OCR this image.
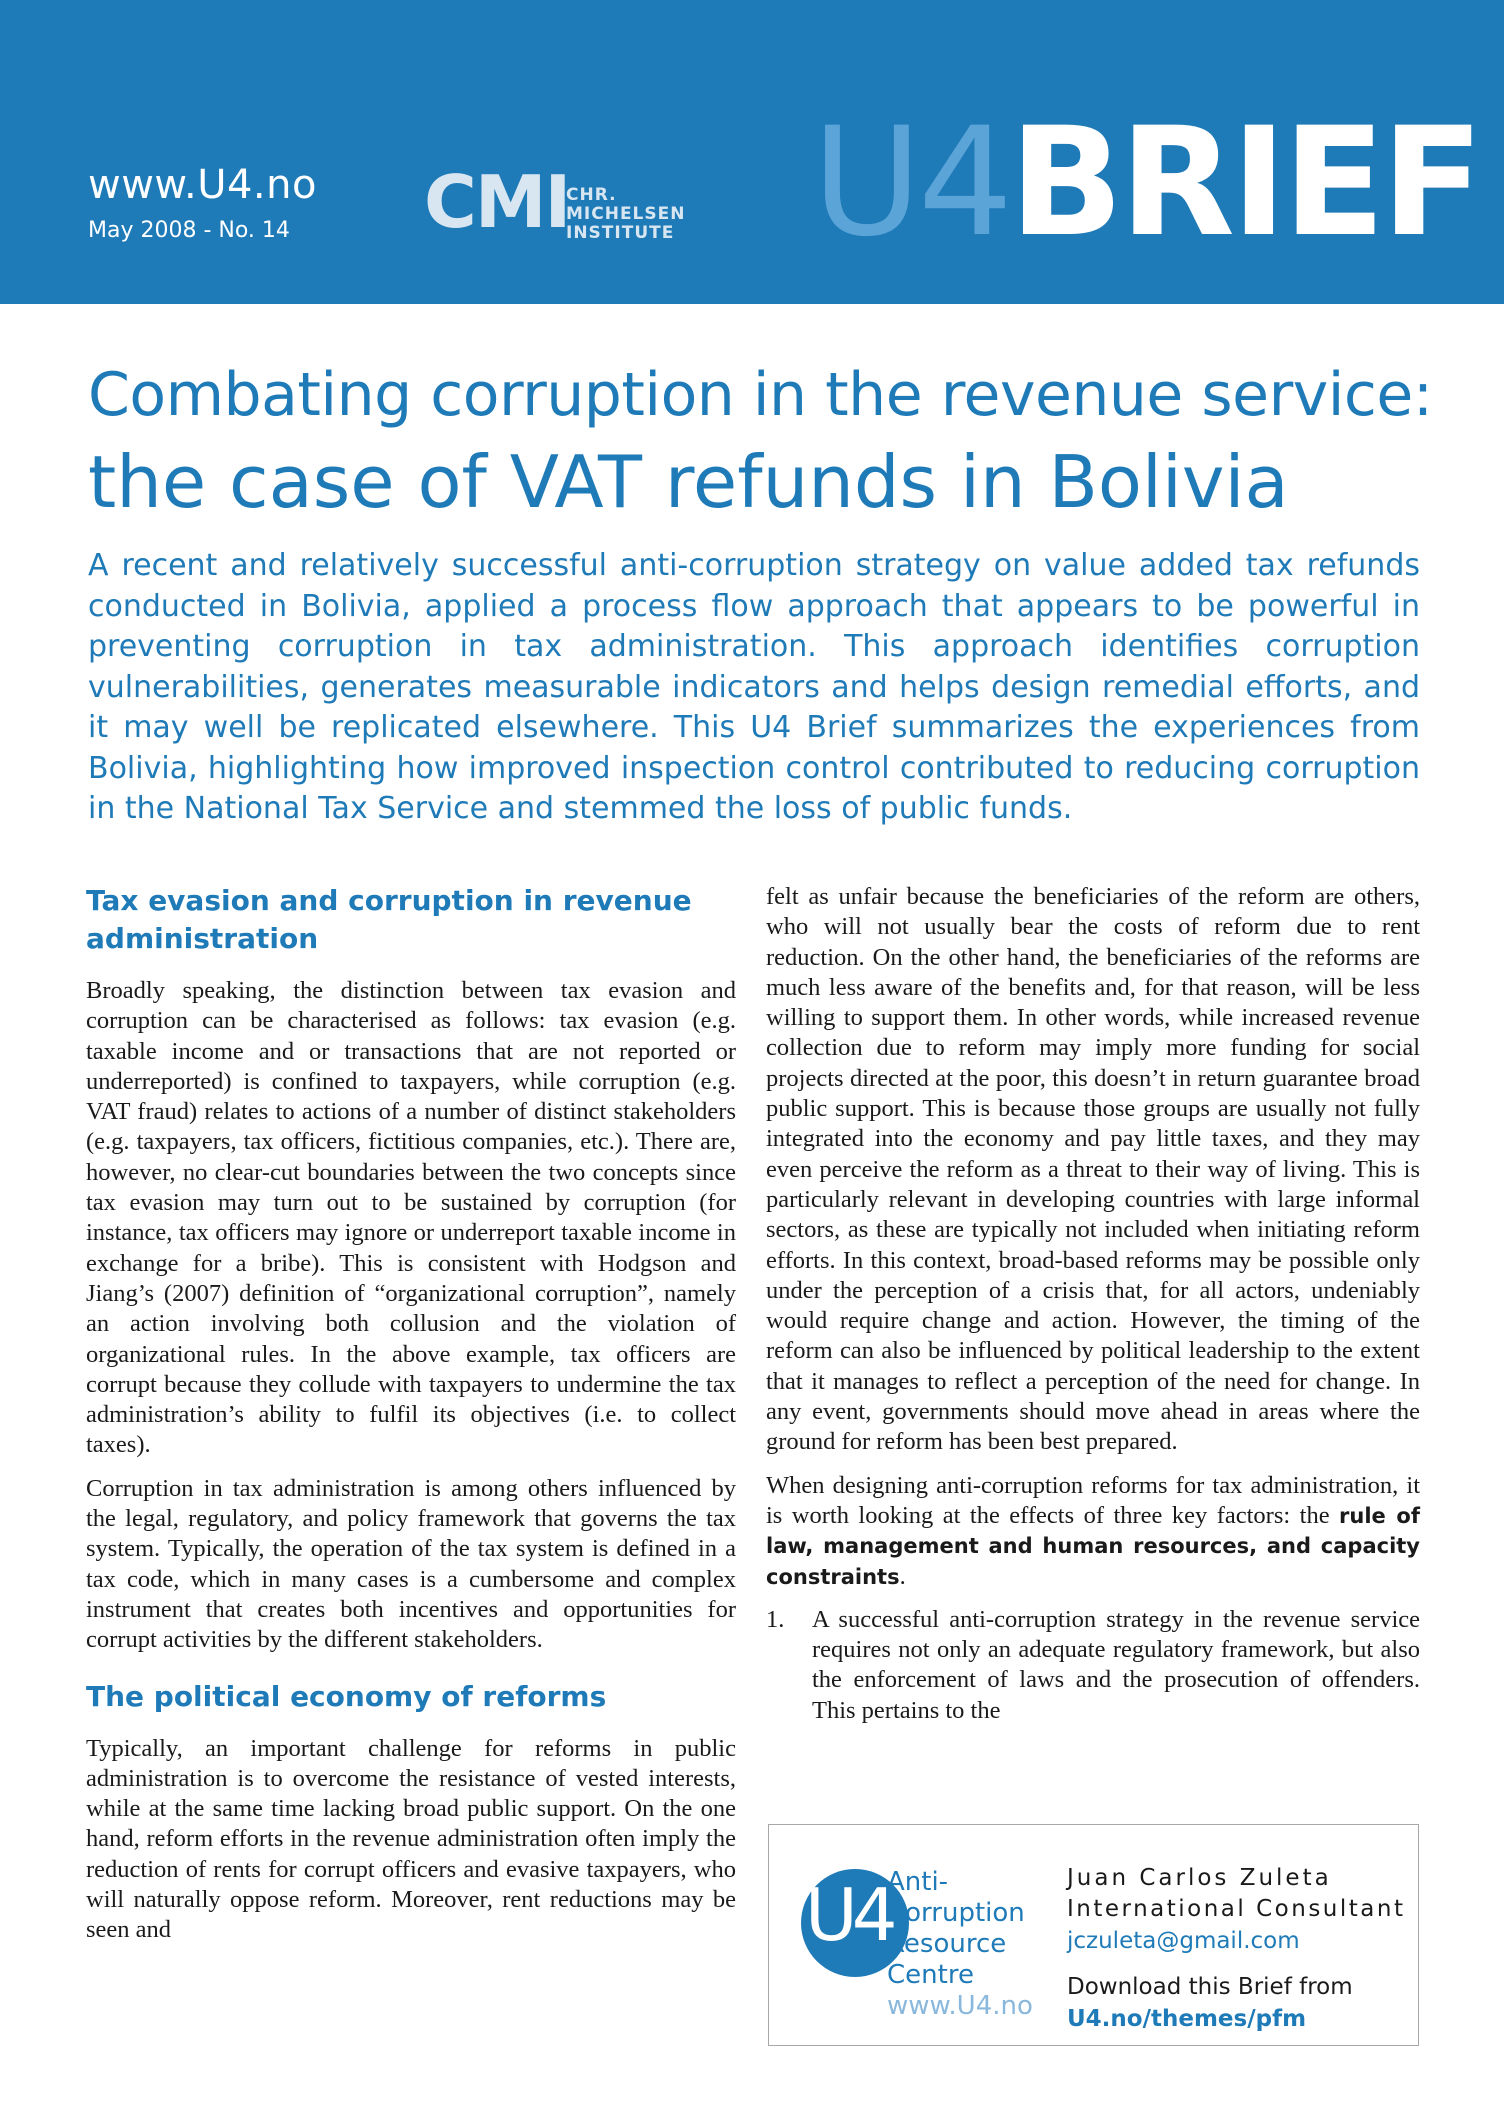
www.U4.no
May 2008 - No. 14 CMI
CHR.
MICHELSEN
INSTITUTE U4BRIEF
Combating corruption in the revenue service:
the case of VAT refunds in Bolivia
A recent and relatively successful anti-corruption strategy on value added tax refunds conducted in Bolivia, applied a process flow approach that appears to be powerful in preventing corruption in tax administration. This approach identifies corruption vulnerabilities, generates measurable indicators and helps design remedial efforts, and it may well be replicated elsewhere. This U4 Brief summarizes the experiences from Bolivia, highlighting how improved inspection control contributed to reducing corruption in the National Tax Service and stemmed the loss of public funds.
Tax evasion and corruption in revenue administration

Broadly speaking, the distinction between tax evasion and corruption can be characterised as follows: tax evasion (e.g. taxable income and or transactions that are not reported or underreported) is confined to taxpayers, while corruption (e.g. VAT fraud) relates to actions of a number of distinct stakeholders (e.g. taxpayers, tax officers, fictitious companies, etc.). There are, however, no clear-cut boundaries between the two concepts since tax evasion may turn out to be sustained by corruption (for instance, tax officers may ignore or underreport taxable income in exchange for a bribe). This is consistent with Hodgson and Jiang’s (2007) definition of “organizational corruption”, namely an action involving both collusion and the violation of organizational rules. In the above example, tax officers are corrupt because they collude with taxpayers to undermine the tax administration’s ability to fulfil its objectives (i.e. to collect taxes).

Corruption in tax administration is among others influenced by the legal, regulatory, and policy framework that governs the tax system. Typically, the operation of the tax system is defined in a tax code, which in many cases is a cumbersome and complex instrument that creates both incentives and opportunities for corrupt activities by the different stakeholders.

The political economy of reforms

Typically, an important challenge for reforms in public administration is to overcome the resistance of vested interests, while at the same time lacking broad public support. On the one hand, reform efforts in the revenue administration often imply the reduction of rents for corrupt officers and evasive taxpayers, who will naturally oppose reform. Moreover, rent reductions may be seen and

felt as unfair because the beneficiaries of the reform are others, who will not usually bear the costs of reform due to rent reduction. On the other hand, the beneficiaries of the reforms are much less aware of the benefits and, for that reason, will be less willing to support them. In other words, while increased revenue collection due to reform may imply more funding for social projects directed at the poor, this doesn’t in return guarantee broad public support. This is because those groups are usually not fully integrated into the economy and pay little taxes, and they may even perceive the reform as a threat to their way of living. This is particularly relevant in developing countries with large informal sectors, as these are typically not included when initiating reform efforts. In this context, broad-based reforms may be possible only under the perception of a crisis that, for all actors, undeniably would require change and action. However, the timing of the reform can also be influenced by political leadership to the extent that it manages to reflect a perception of the need for change. In any event, governments should move ahead in areas where the ground for reform has been best prepared.

When designing anti-corruption reforms for tax administration, it is worth looking at the effects of three key factors: the rule of law, management and human resources, and capacity constraints.

1.	A successful anti-corruption strategy in the revenue service requires not only an adequate regulatory framework, but also the enforcement of laws and the prosecution of offenders. This pertains to the
U4
Anti-
Corruption
Resource
Centre
www.U4.no
Juan Carlos Zuleta
International Consultant
jczuleta@gmail.com
Download this Brief from
U4.no/themes/pfm
